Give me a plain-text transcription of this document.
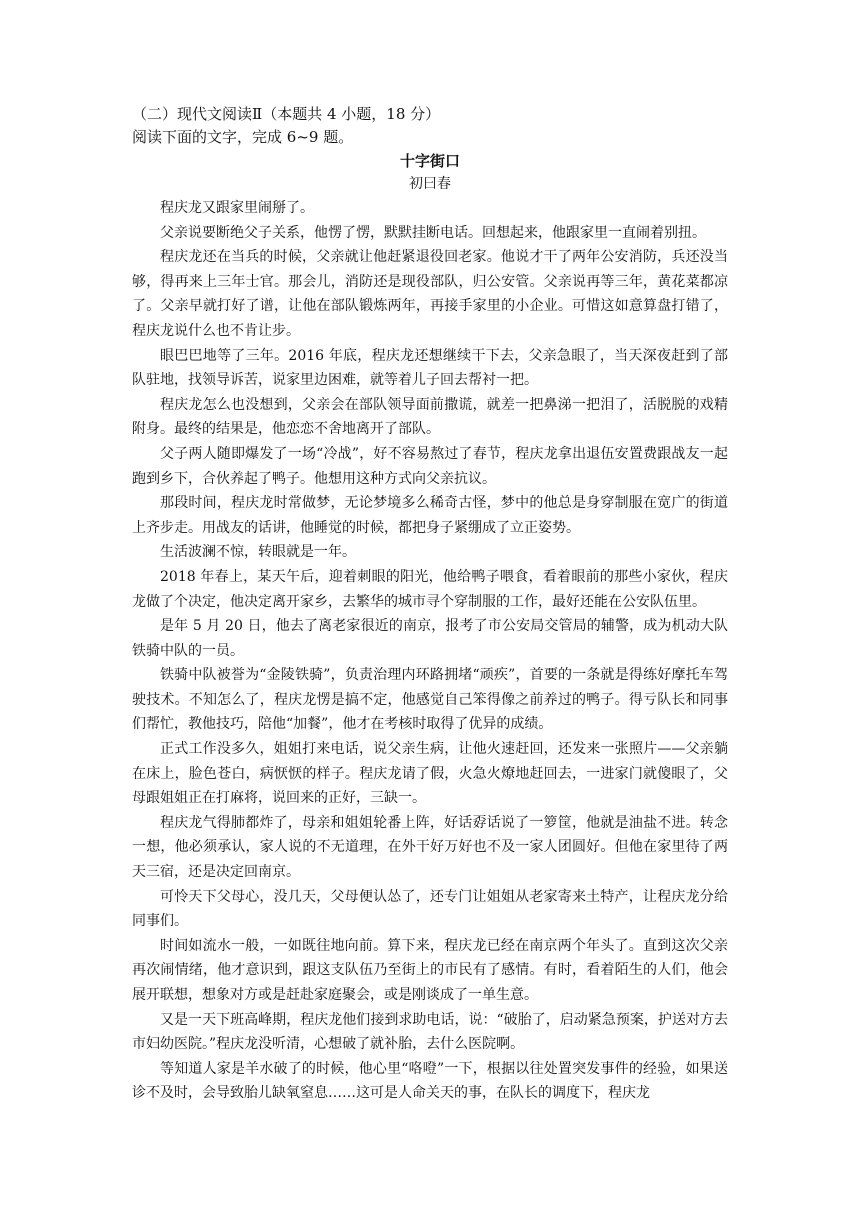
（二）现代文阅读Ⅱ（本题共 4 小题，18 分）
阅读下面的文字，完成 6~9 题。
十字街口
初曰春

程庆龙又跟家里闹掰了。

父亲说要断绝父子关系，他愣了愣，默默挂断电话。回想起来，他跟家里一直闹着别扭。

程庆龙还在当兵的时候，父亲就让他赶紧退役回老家。他说才干了两年公安消防，兵还没当够，得再来上三年士官。那会儿，消防还是现役部队，归公安管。父亲说再等三年，黄花菜都凉了。父亲早就打好了谱，让他在部队锻炼两年，再接手家里的小企业。可惜这如意算盘打错了，程庆龙说什么也不肯让步。

眼巴巴地等了三年。2016 年底，程庆龙还想继续干下去，父亲急眼了，当天深夜赶到了部队驻地，找领导诉苦，说家里边困难，就等着儿子回去帮衬一把。

程庆龙怎么也没想到，父亲会在部队领导面前撒谎，就差一把鼻涕一把泪了，活脱脱的戏精附身。最终的结果是，他恋恋不舍地离开了部队。

父子两人随即爆发了一场“冷战”，好不容易熬过了春节，程庆龙拿出退伍安置费跟战友一起跑到乡下，合伙养起了鸭子。他想用这种方式向父亲抗议。

那段时间，程庆龙时常做梦，无论梦境多么稀奇古怪，梦中的他总是身穿制服在宽广的街道上齐步走。用战友的话讲，他睡觉的时候，都把身子紧绷成了立正姿势。

生活波澜不惊，转眼就是一年。

2018 年春上，某天午后，迎着刺眼的阳光，他给鸭子喂食，看着眼前的那些小家伙，程庆龙做了个决定，他决定离开家乡，去繁华的城市寻个穿制服的工作，最好还能在公安队伍里。

是年 5 月 20 日，他去了离老家很近的南京，报考了市公安局交管局的辅警，成为机动大队铁骑中队的一员。

铁骑中队被誉为“金陵铁骑”，负责治理内环路拥堵“顽疾”，首要的一条就是得练好摩托车驾驶技术。不知怎么了，程庆龙愣是搞不定，他感觉自己笨得像之前养过的鸭子。得亏队长和同事们帮忙，教他技巧，陪他“加餐”，他才在考核时取得了优异的成绩。

正式工作没多久，姐姐打来电话，说父亲生病，让他火速赶回，还发来一张照片——父亲躺在床上，脸色苍白，病恹恹的样子。程庆龙请了假，火急火燎地赶回去，一进家门就傻眼了，父母跟姐姐正在打麻将，说回来的正好，三缺一。

程庆龙气得肺都炸了，母亲和姐姐轮番上阵，好话孬话说了一箩筐，他就是油盐不进。转念一想，他必须承认，家人说的不无道理，在外干好万好也不及一家人团圆好。但他在家里待了两天三宿，还是决定回南京。

可怜天下父母心，没几天，父母便认怂了，还专门让姐姐从老家寄来土特产，让程庆龙分给同事们。

时间如流水一般，一如既往地向前。算下来，程庆龙已经在南京两个年头了。直到这次父亲再次闹情绪，他才意识到，跟这支队伍乃至街上的市民有了感情。有时，看着陌生的人们，他会展开联想，想象对方或是赶赴家庭聚会，或是刚谈成了一单生意。

又是一天下班高峰期，程庆龙他们接到求助电话，说：“破胎了，启动紧急预案，护送对方去市妇幼医院。”程庆龙没听清，心想破了就补胎，去什么医院啊。

等知道人家是羊水破了的时候，他心里“咯噔”一下，根据以往处置突发事件的经验，如果送诊不及时，会导致胎儿缺氧窒息……这可是人命关天的事，在队长的调度下，程庆龙
